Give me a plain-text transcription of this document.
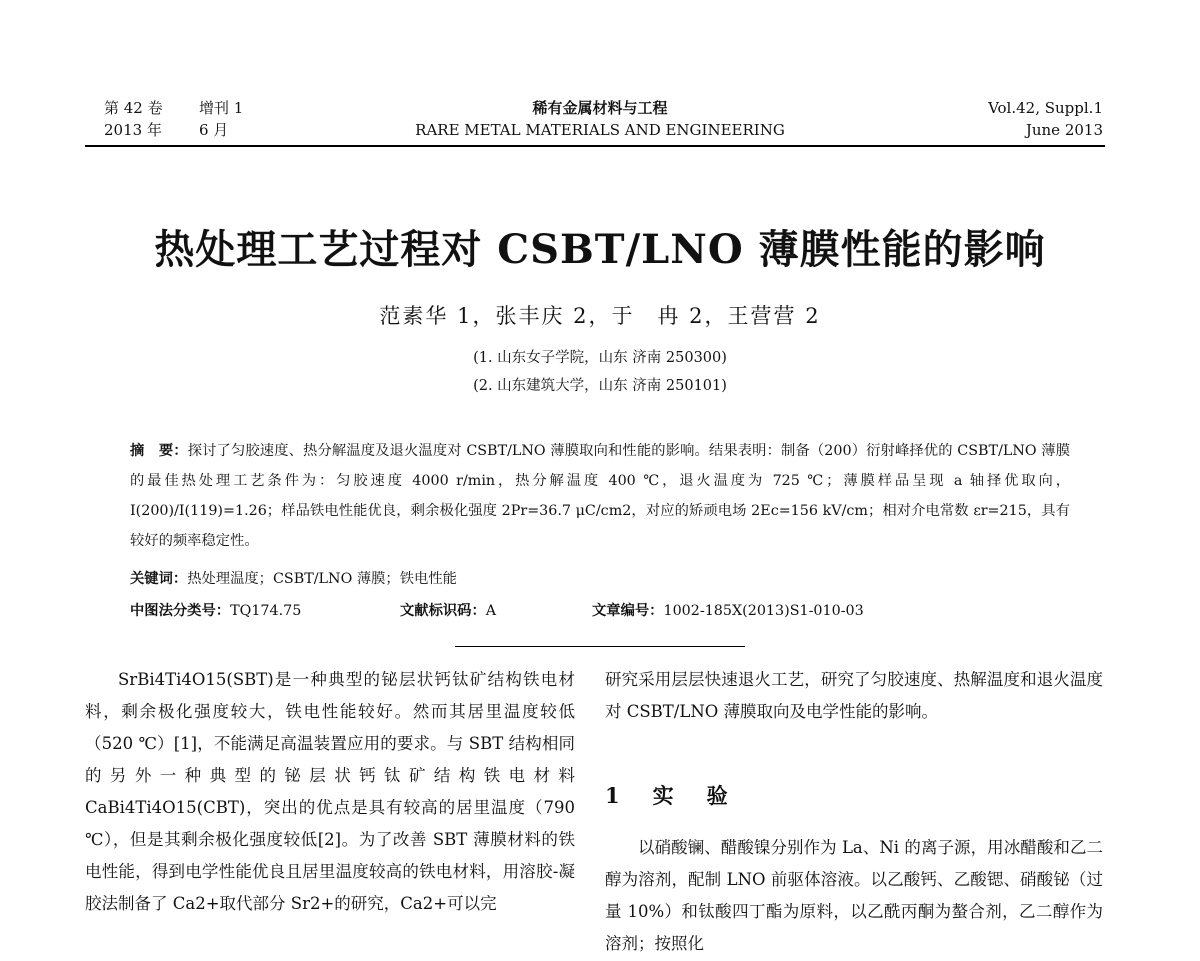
第 42 卷 增刊 1
2013 年 6 月
稀有金属材料与工程
RARE METAL MATERIALS AND ENGINEERING
Vol.42, Suppl.1
June 2013
热处理工艺过程对 CSBT/LNO 薄膜性能的影响
范素华 1，张丰庆 2，于　冉 2，王营营 2
(1. 山东女子学院，山东 济南 250300)
(2. 山东建筑大学，山东 济南 250101)
摘　要：探讨了匀胶速度、热分解温度及退火温度对 CSBT/LNO 薄膜取向和性能的影响。结果表明：制备（200）衍射峰择优的 CSBT/LNO 薄膜的最佳热处理工艺条件为：匀胶速度 4000 r/min，热分解温度 400 ℃，退火温度为 725 ℃；薄膜样品呈现 a 轴择优取向，I(200)/I(119)=1.26；样品铁电性能优良，剩余极化强度 2Pr=36.7 μC/cm2，对应的矫顽电场 2Ec=156 kV/cm；相对介电常数 εr=215，具有较好的频率稳定性。
关键词：热处理温度；CSBT/LNO 薄膜；铁电性能
中图法分类号：TQ174.75	文献标识码：A	文章编号：1002-185X(2013)S1-010-03
SrBi4Ti4O15(SBT)是一种典型的铋层状钙钛矿结构铁电材料，剩余极化强度较大，铁电性能较好。然而其居里温度较低（520 ℃）[1]，不能满足高温装置应用的要求。与 SBT 结构相同的另外一种典型的铋层状钙钛矿结构铁电材料 CaBi4Ti4O15(CBT)，突出的优点是具有较高的居里温度（790 ℃），但是其剩余极化强度较低[2]。为了改善 SBT 薄膜材料的铁电性能，得到电学性能优良且居里温度较高的铁电材料，用溶胶-凝胶法制备了 Ca2+取代部分 Sr2+的研究，Ca2+可以完
研究采用层层快速退火工艺，研究了匀胶速度、热解温度和退火温度对 CSBT/LNO 薄膜取向及电学性能的影响。
1　实　验
以硝酸镧、醋酸镍分别作为 La、Ni 的离子源，用冰醋酸和乙二醇为溶剂，配制 LNO 前驱体溶液。以乙酸钙、乙酸锶、硝酸铋（过量 10%）和钛酸四丁酯为原料，以乙酰丙酮为螯合剂，乙二醇作为溶剂；按照化
